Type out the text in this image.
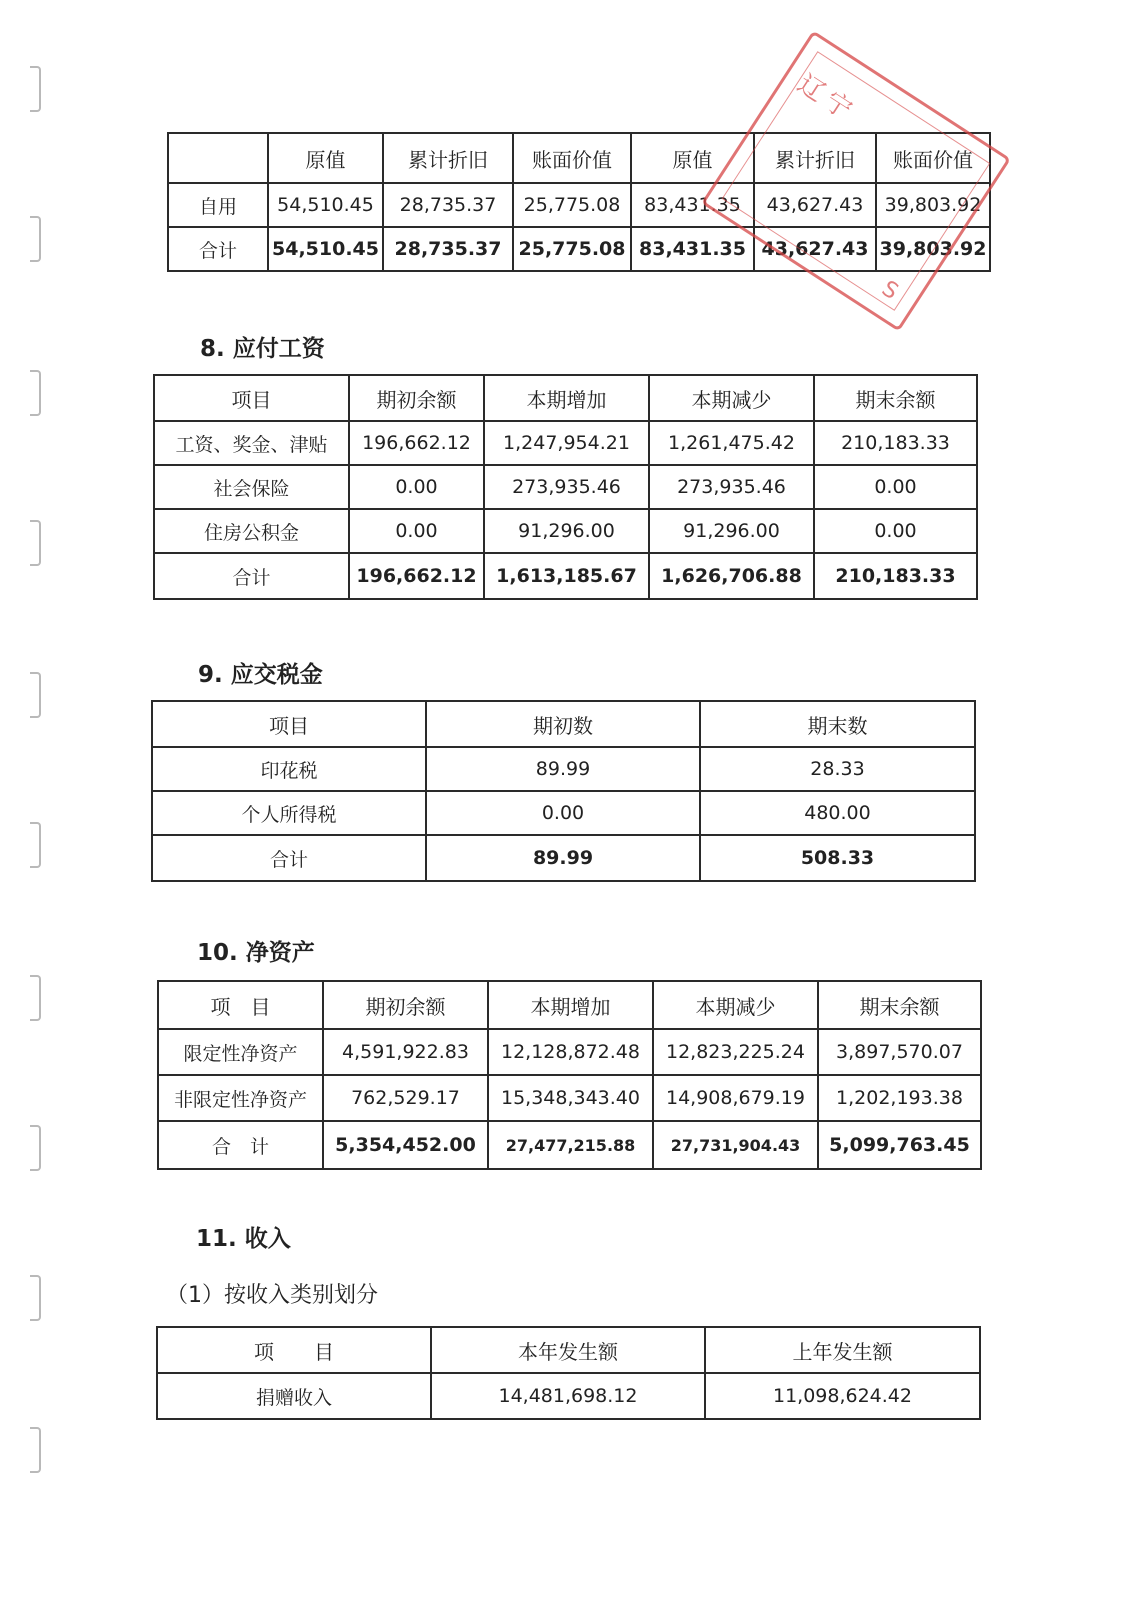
	原值	累计折旧	账面价值	原值	累计折旧	账面价值
自用	54,510.45	28,735.37	25,775.08	83,431.35	43,627.43	39,803.92
合计	54,510.45	28,735.37	25,775.08	83,431.35	43,627.43	39,803.92
辽宁
S
8. 应付工资
项目	期初余额	本期增加	本期减少	期末余额
工资、奖金、津贴	196,662.12	1,247,954.21	1,261,475.42	210,183.33
社会保险	0.00	273,935.46	273,935.46	0.00
住房公积金	0.00	91,296.00	91,296.00	0.00
合计	196,662.12	1,613,185.67	1,626,706.88	210,183.33
9. 应交税金
项目	期初数	期末数
印花税	89.99	28.33
个人所得税	0.00	480.00
合计	89.99	508.33
10. 净资产
项　目	期初余额	本期增加	本期减少	期末余额
限定性净资产	4,591,922.83	12,128,872.48	12,823,225.24	3,897,570.07
非限定性净资产	762,529.17	15,348,343.40	14,908,679.19	1,202,193.38
合　计	5,354,452.00	27,477,215.88	27,731,904.43	5,099,763.45
11. 收入
（1）按收入类别划分
项　　目	本年发生额	上年发生额
捐赠收入	14,481,698.12	11,098,624.42
